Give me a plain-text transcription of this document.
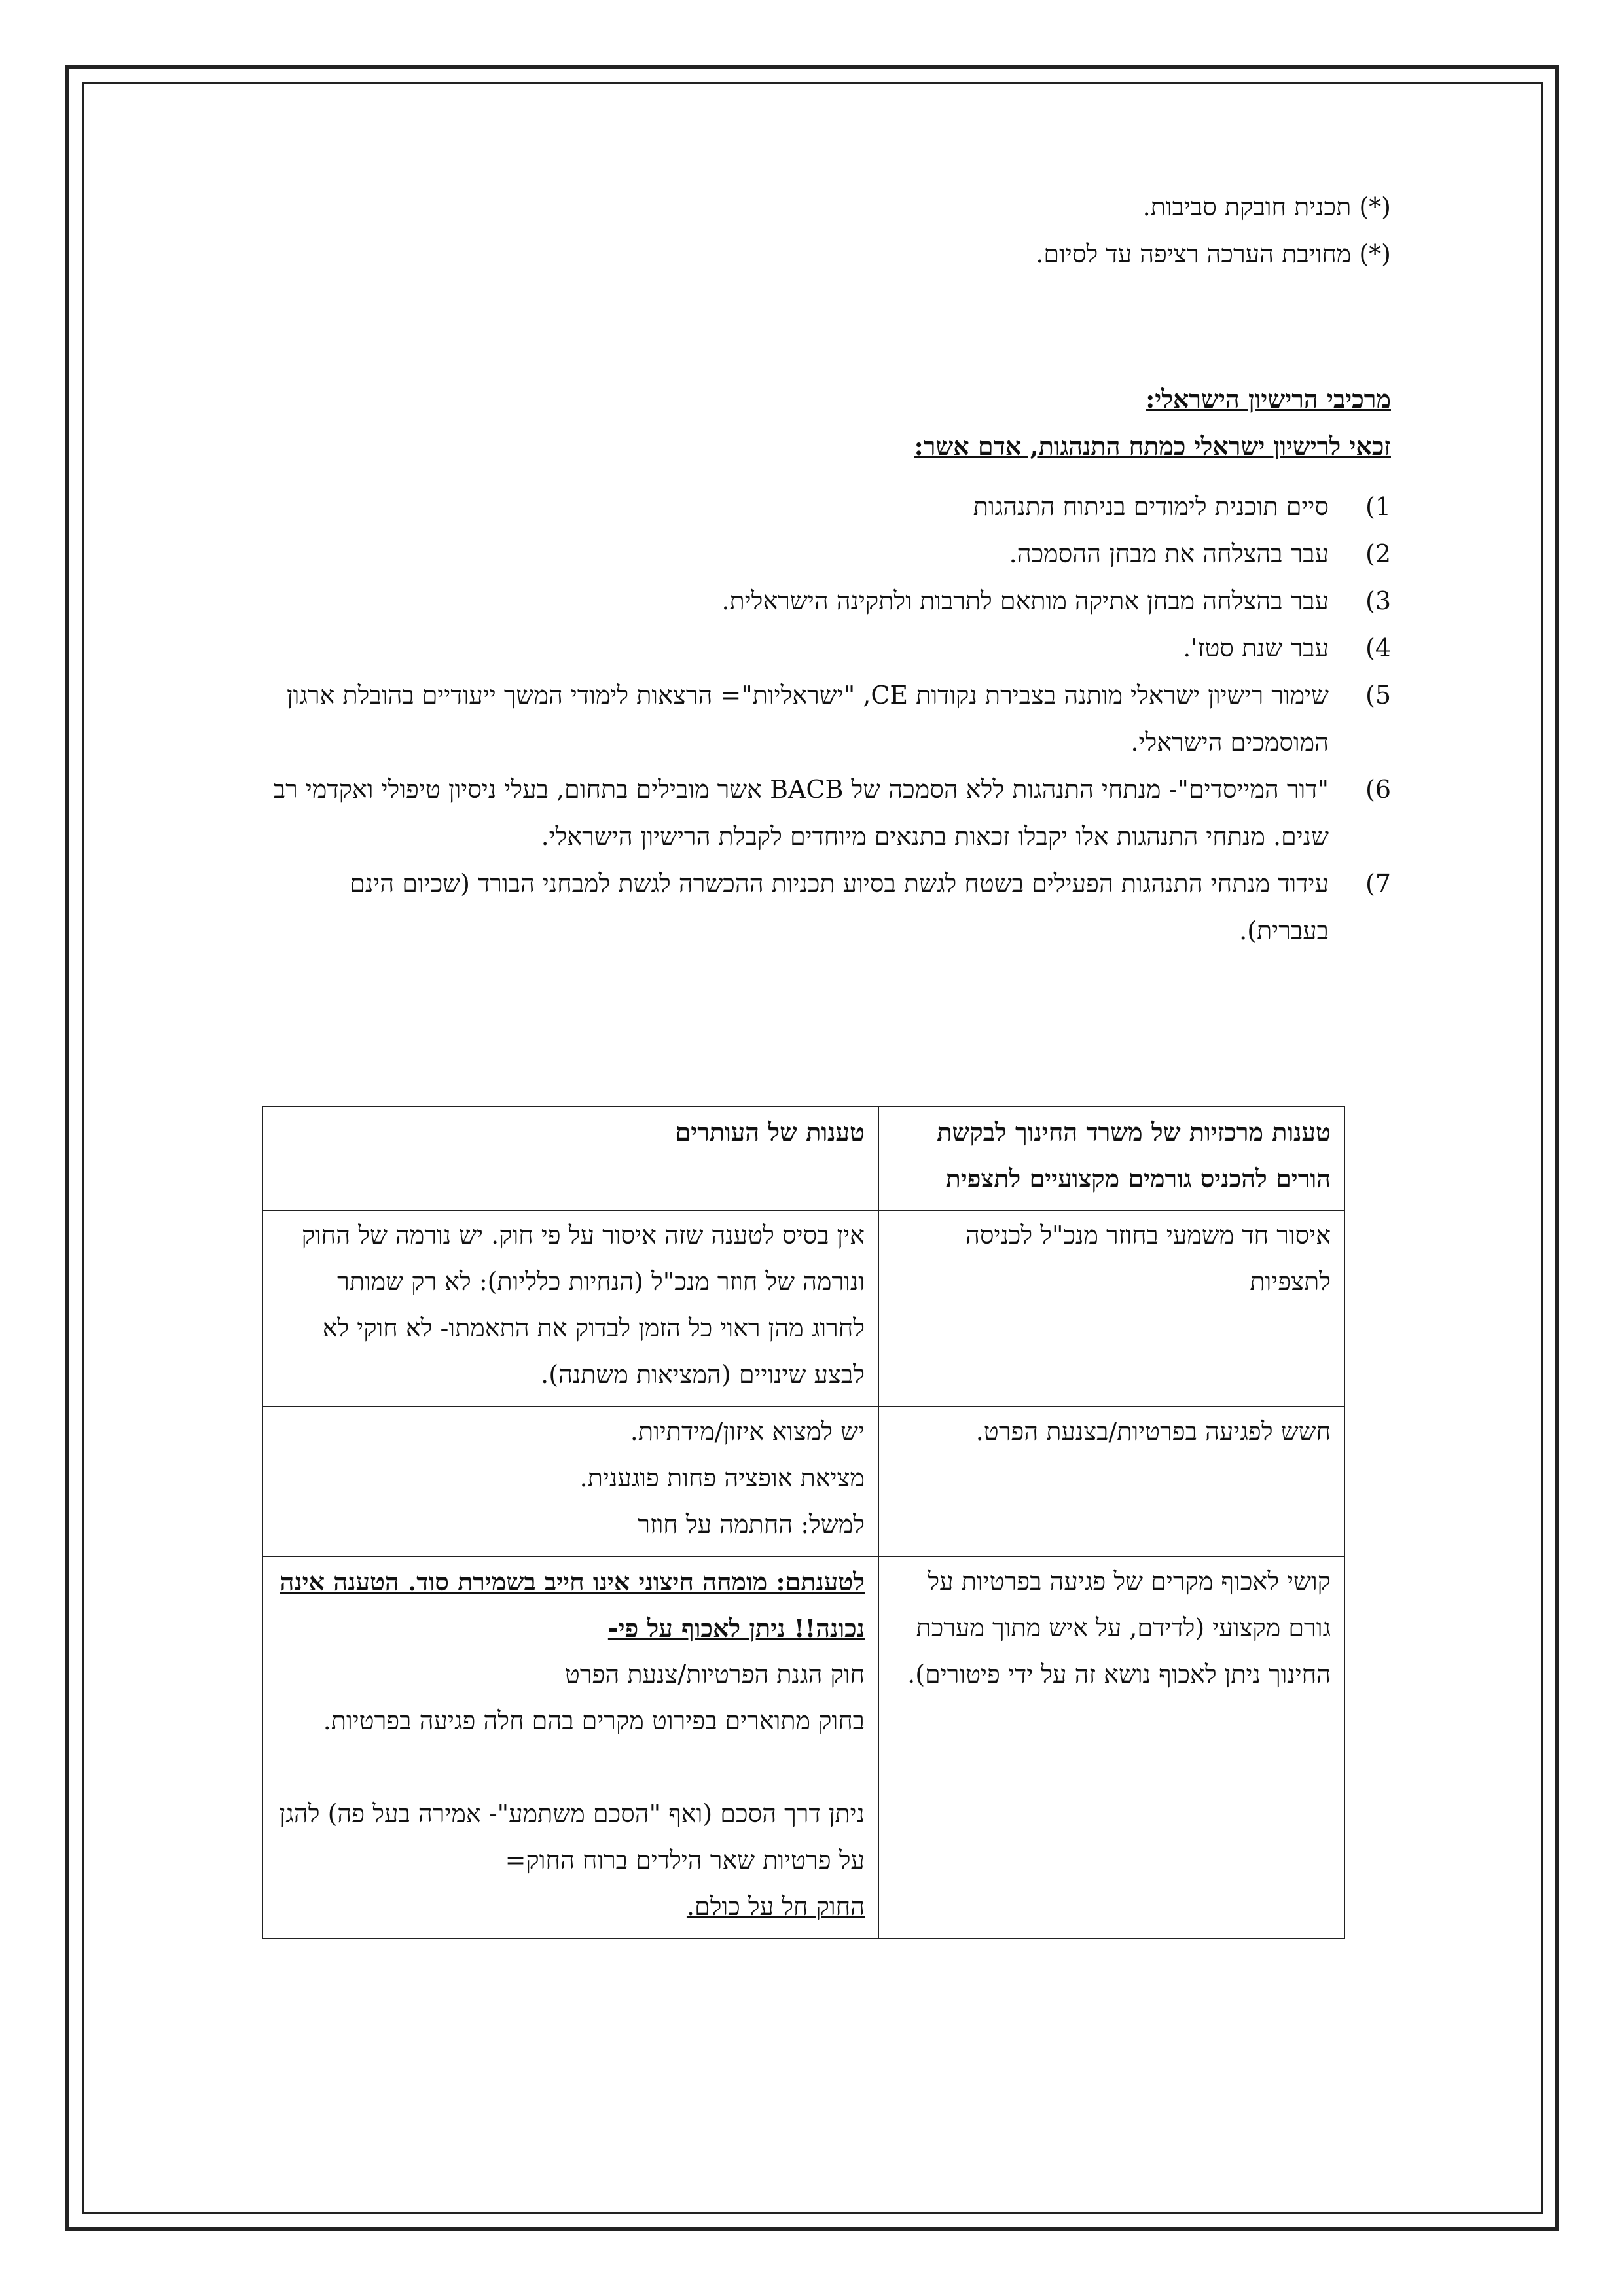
(*) תכנית חובקת סביבות.

(*) מחויבת הערכה רציפה עד לסיום.

מרכיבי הרישיון הישראלי:

זכאי לרישיון ישראלי כמתח התנהגות, אדם אשר:

1)
סיים תוכנית לימודים בניתוח התנהגות
2)
עבר בהצלחה את מבחן ההסמכה.
3)
עבר בהצלחה מבחן אתיקה מותאם לתרבות ולתקינה הישראלית.
4)
עבר שנת סטז'.
5)
שימור רישיון ישראלי מותנה בצבירת נקודות CE, "ישראליות"= הרצאות לימודי המשך ייעודיים בהובלת ארגון המוסמכים הישראלי.
6)
"דור המייסדים"- מנתחי התנהגות ללא הסמכה של BACB אשר מובילים בתחום, בעלי ניסיון טיפולי ואקדמי רב שנים. מנתחי התנהגות אלו יקבלו זכאות בתנאים מיוחדים לקבלת הרישיון הישראלי.
7)
עידוד מנתחי התנהגות הפעילים בשטח לגשת בסיוע תכניות ההכשרה לגשת למבחני הבורד (שכיום הינם בעברית).
טענות מרכזיות של משרד החינוך לבקשת הורים להכניס גורמים מקצועיים לתצפית	טענות של העותרים
איסור חד משמעי בחוזר מנכ"ל לכניסה לתצפיות	אין בסיס לטענה שזה איסור על פי חוק. יש נורמה של החוק ונורמה של חוזר מנכ"ל (הנחיות כלליות): לא רק שמותר לחרוג מהן ראוי כל הזמן לבדוק את התאמתו- לא חוקי לא לבצע שינויים (המציאות משתנה).
חשש לפגיעה בפרטיות/בצנעת הפרט.	יש למצוא איזון/מידתיות.
מציאת אופציה פחות פוגענית.
למשל: החתמה על חוזר

קושי לאכוף מקרים של פגיעה בפרטיות על גורם מקצועי (לדידם, על איש מתוך מערכת החינוך ניתן לאכוף נושא זה על ידי פיטורים).	לטענתם: מומחה חיצוני אינו חייב בשמירת סוד. הטענה אינה נכונה!! ניתן לאכוף על פי-
חוק הגנת הפרטיות/צנעת הפרט
בחוק מתוארים בפירוט מקרים בהם חלה פגיעה בפרטיות.
ניתן דרך הסכם (ואף "הסכם משתמע"- אמירה בעל פה) להגן על פרטיות שאר הילדים ברוח החוק=
החוק חל על כולם.
